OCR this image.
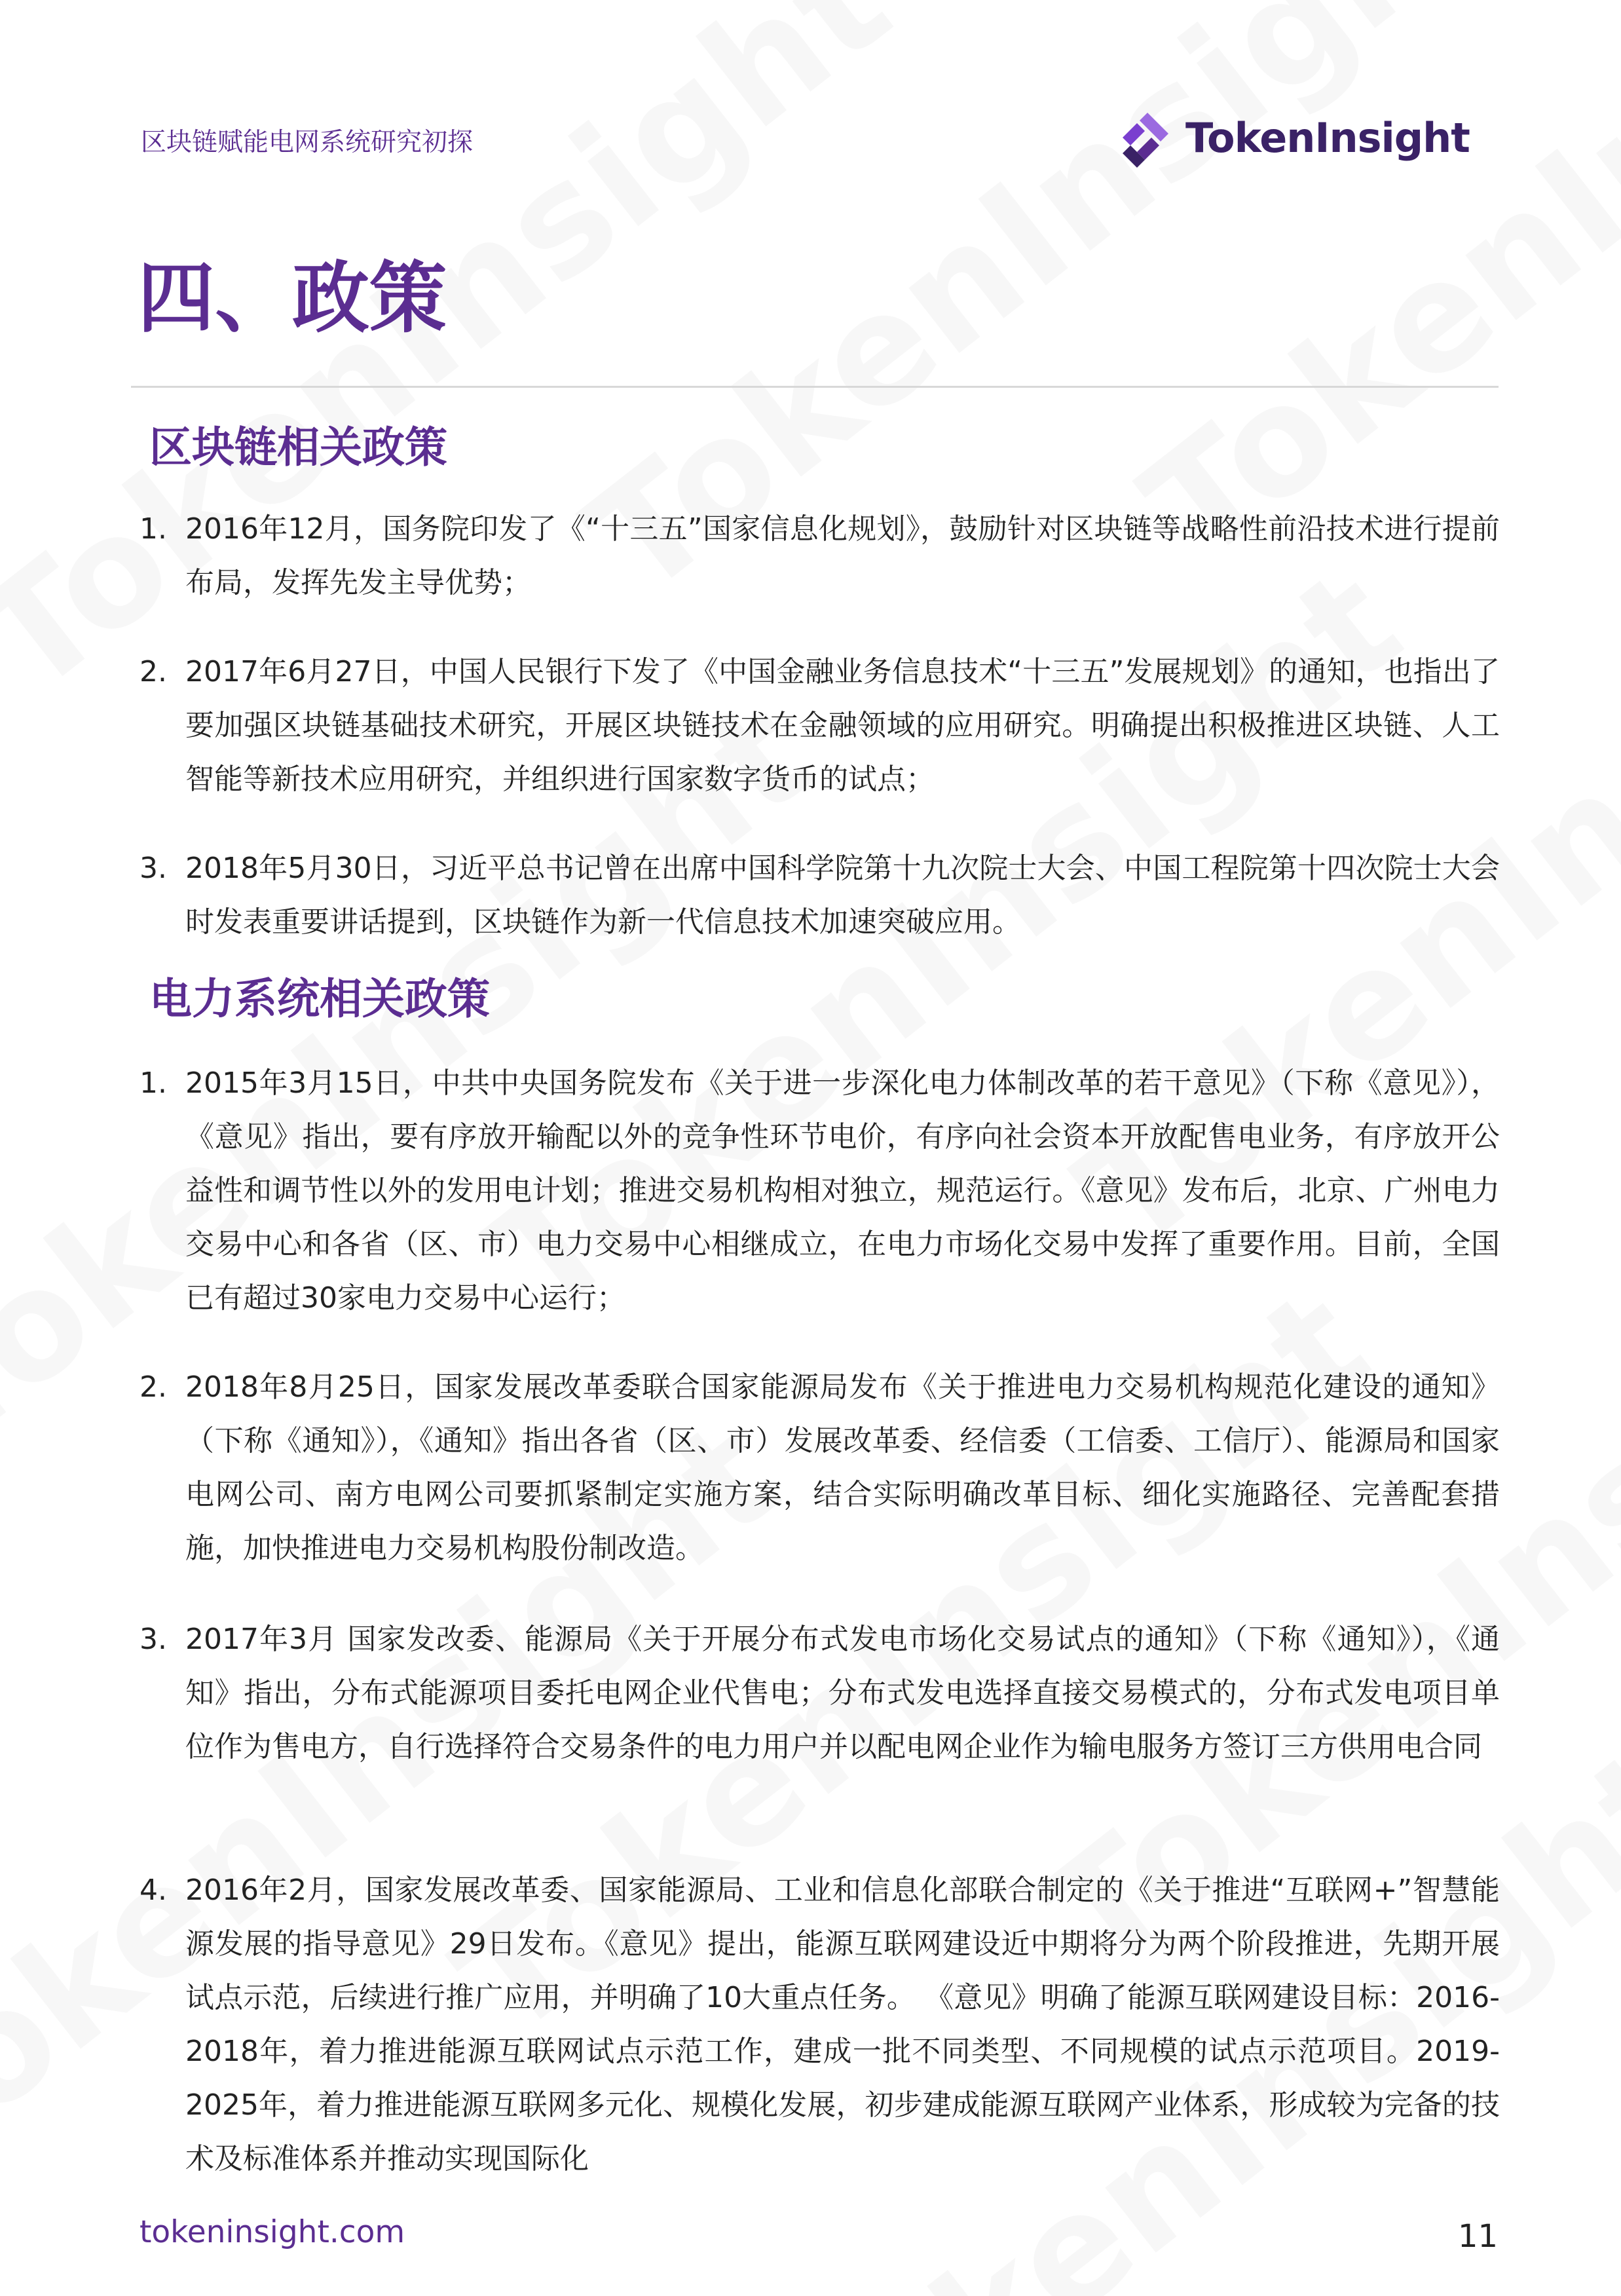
区块链赋能电网系统研究初探	TokenInsight
四、政策
区块链相关政策
1. 2016年12月，国务院印发了《“十三五”国家信息化规划》，鼓励针对区块链等战略性前沿技术进行提前布局，发挥先发主导优势；
2. 2017年6月27日，中国人民银行下发了《中国金融业务信息技术“十三五”发展规划》的通知，也指出了要加强区块链基础技术研究，开展区块链技术在金融领域的应用研究。明确提出积极推进区块链、人工智能等新技术应用研究，并组织进行国家数字货币的试点；
3. 2018年5月30日，习近平总书记曾在出席中国科学院第十九次院士大会、中国工程院第十四次院士大会时发表重要讲话提到，区块链作为新一代信息技术加速突破应用。
电力系统相关政策
1. 2015年3月15日，中共中央国务院发布《关于进一步深化电力体制改革的若干意见》（下称《意见》），《意见》指出，要有序放开输配以外的竞争性环节电价，有序向社会资本开放配售电业务，有序放开公益性和调节性以外的发用电计划；推进交易机构相对独立，规范运行。《意见》发布后，北京、广州电力交易中心和各省（区、市）电力交易中心相继成立，在电力市场化交易中发挥了重要作用。目前，全国已有超过30家电力交易中心运行；
2. 2018年8月25日，国家发展改革委联合国家能源局发布《关于推进电力交易机构规范化建设的通知》（下称《通知》），《通知》指出各省（区、市）发展改革委、经信委（工信委、工信厅）、能源局和国家电网公司、南方电网公司要抓紧制定实施方案，结合实际明确改革目标、细化实施路径、完善配套措施，加快推进电力交易机构股份制改造。
3. 2017年3月 国家发改委、能源局《关于开展分布式发电市场化交易试点的通知》（下称《通知》），《通知》指出，分布式能源项目委托电网企业代售电；分布式发电选择直接交易模式的，分布式发电项目单位作为售电方，自行选择符合交易条件的电力用户并以配电网企业作为输电服务方签订三方供用电合同
4. 2016年2月，国家发展改革委、国家能源局、工业和信息化部联合制定的《关于推进“互联网+”智慧能源发展的指导意见》29日发布。《意见》提出，能源互联网建设近中期将分为两个阶段推进，先期开展试点示范，后续进行推广应用，并明确了10大重点任务。 《意见》明确了能源互联网建设目标：2016-2018年，着力推进能源互联网试点示范工作，建成一批不同类型、不同规模的试点示范项目。2019-2025年，着力推进能源互联网多元化、规模化发展，初步建成能源互联网产业体系，形成较为完备的技术及标准体系并推动实现国际化
tokeninsight.com	11
